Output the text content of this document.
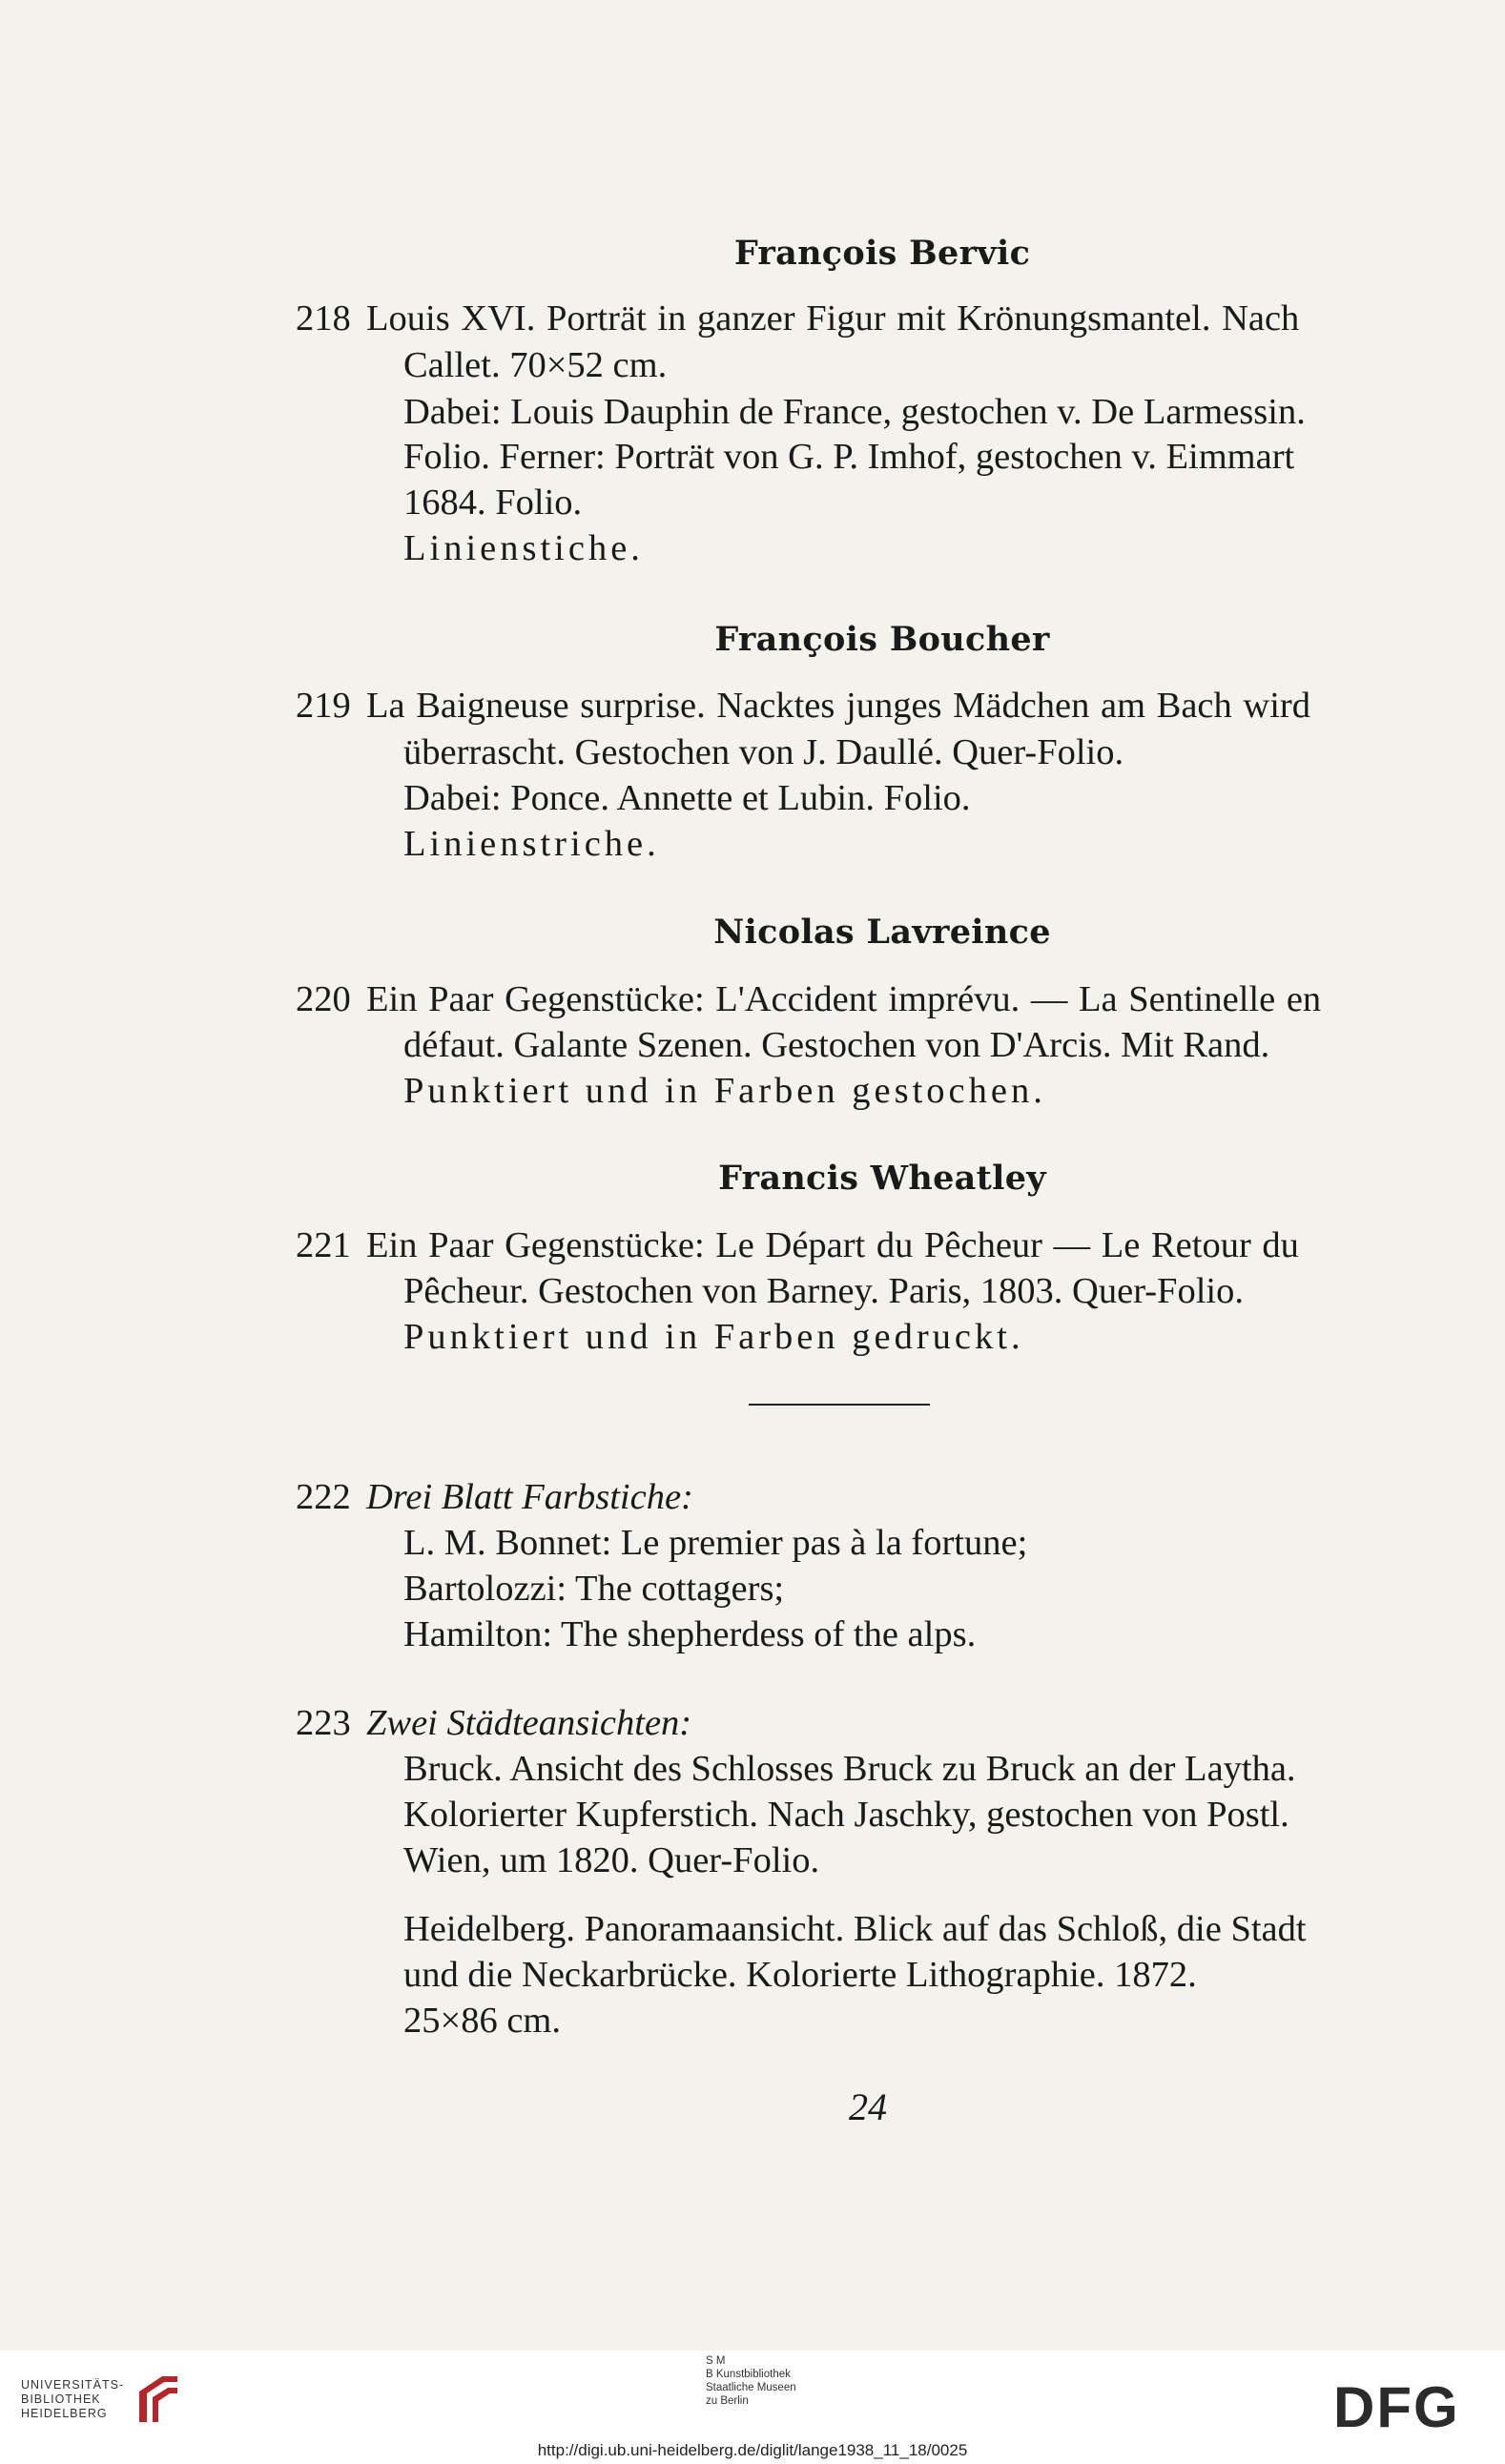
François Bervic
218 Louis XVI. Porträt in ganzer Figur mit Krönungsmantel. Nach
Callet. 70×52 cm.
Dabei: Louis Dauphin de France, gestochen v. De Larmessin.
Folio. Ferner: Porträt von G. P. Imhof, gestochen v. Eimmart
1684. Folio.
Linienstiche.
François Boucher
219 La Baigneuse surprise. Nacktes junges Mädchen am Bach wird
überrascht. Gestochen von J. Daullé. Quer-Folio.
Dabei: Ponce. Annette et Lubin. Folio.
Linienstriche.
Nicolas Lavreince
220 Ein Paar Gegenstücke: L'Accident imprévu. — La Sentinelle en
défaut. Galante Szenen. Gestochen von D'Arcis. Mit Rand.
Punktiert und in Farben gestochen.
Francis Wheatley
221 Ein Paar Gegenstücke: Le Départ du Pêcheur — Le Retour du
Pêcheur. Gestochen von Barney. Paris, 1803. Quer-Folio.
Punktiert und in Farben gedruckt.
222 Drei Blatt Farbstiche:
L. M. Bonnet: Le premier pas à la fortune;
Bartolozzi: The cottagers;
Hamilton: The shepherdess of the alps.
223 Zwei Städteansichten:
Bruck. Ansicht des Schlosses Bruck zu Bruck an der Laytha.
Kolorierter Kupferstich. Nach Jaschky, gestochen von Postl.
Wien, um 1820. Quer-Folio.
Heidelberg. Panoramaansicht. Blick auf das Schloß, die Stadt
und die Neckarbrücke. Kolorierte Lithographie. 1872.
25×86 cm.
24
UNIVERSITÄTS-
BIBLIOTHEK
HEIDELBERG
S M
B Kunstbibliothek
Staatliche Museen
zu Berlin	DFG
http://digi.ub.uni-heidelberg.de/diglit/lange1938_11_18/0025
